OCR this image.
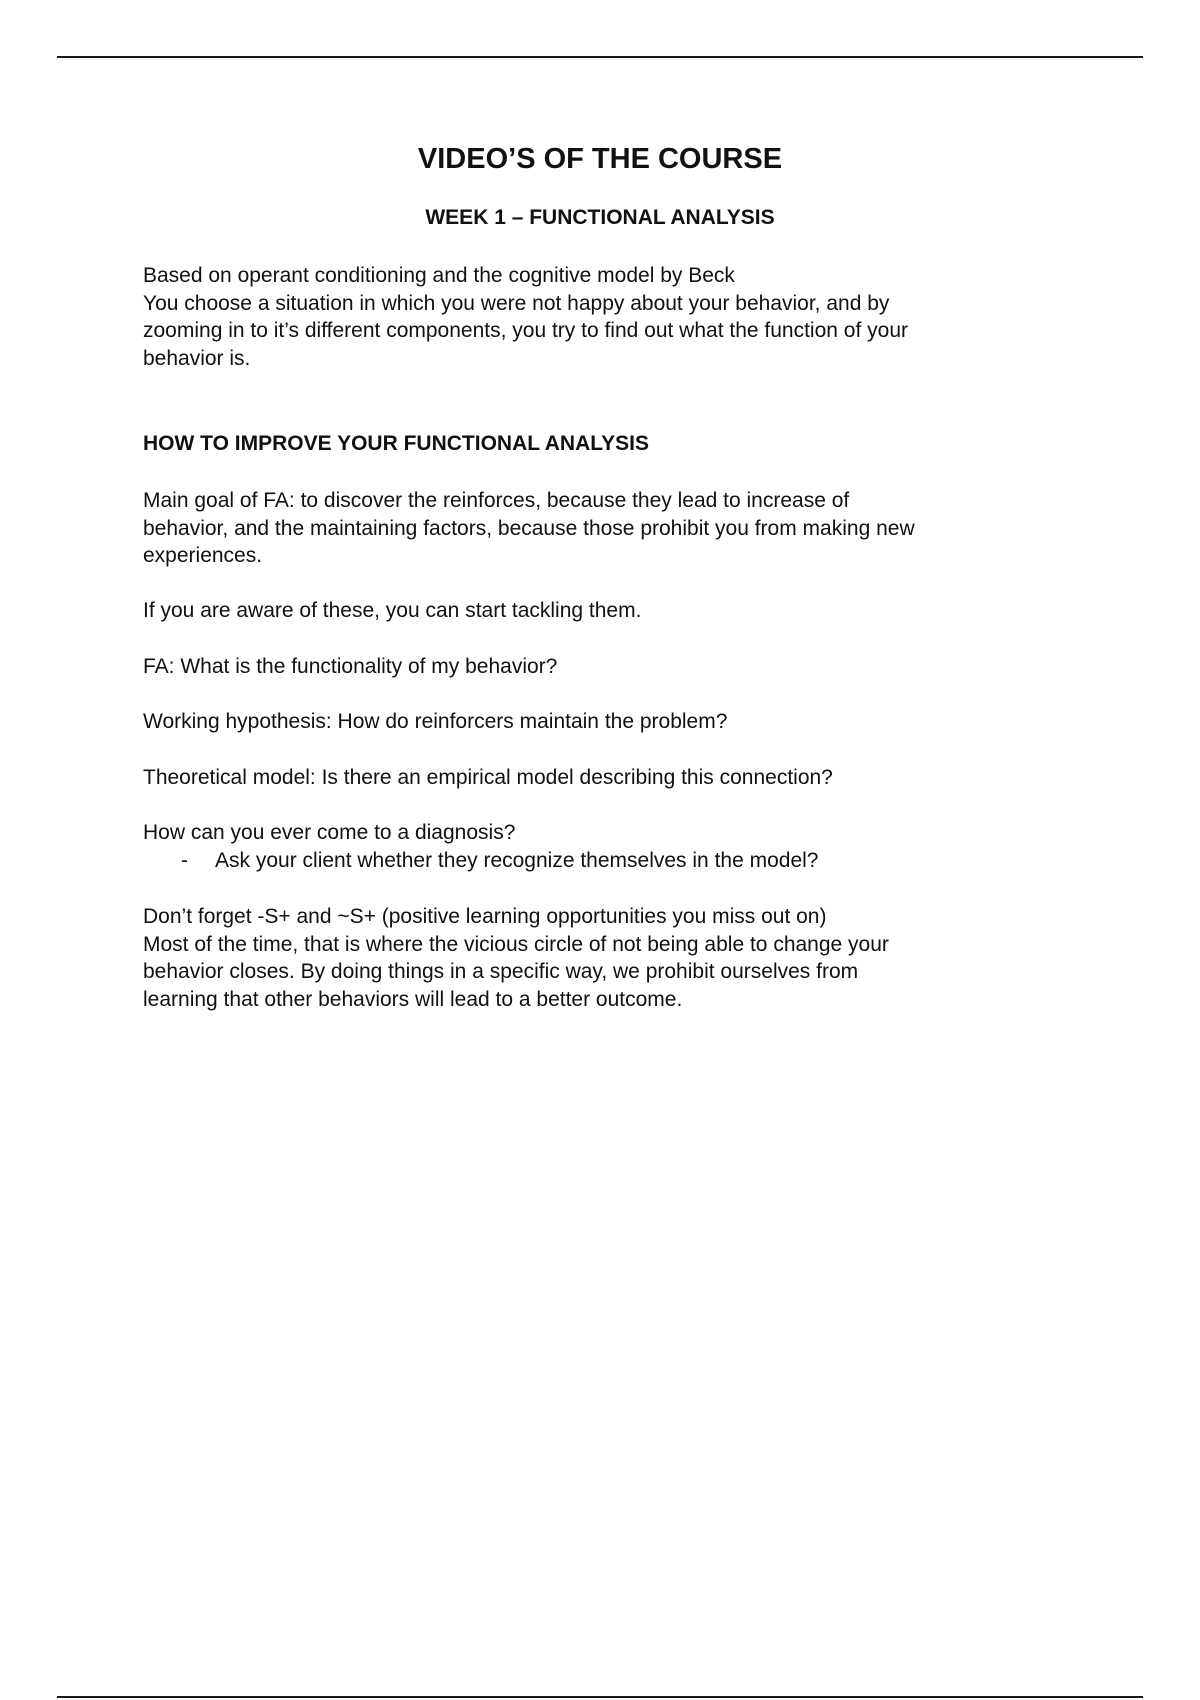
VIDEO’S OF THE COURSE
WEEK 1 – FUNCTIONAL ANALYSIS

Based on operant conditioning and the cognitive model by Beck

You choose a situation in which you were not happy about your behavior, and by

zooming in to it’s different components, you try to find out what the function of your

behavior is.

HOW TO IMPROVE YOUR FUNCTIONAL ANALYSIS

Main goal of FA: to discover the reinforces, because they lead to increase of

behavior, and the maintaining factors, because those prohibit you from making new

experiences.

If you are aware of these, you can start tackling them.

FA: What is the functionality of my behavior?

Working hypothesis: How do reinforcers maintain the problem?

Theoretical model: Is there an empirical model describing this connection?

How can you ever come to a diagnosis?

- Ask your client whether they recognize themselves in the model?

Don’t forget -S+ and ~S+ (positive learning opportunities you miss out on)

Most of the time, that is where the vicious circle of not being able to change your

behavior closes. By doing things in a specific way, we prohibit ourselves from

learning that other behaviors will lead to a better outcome.
